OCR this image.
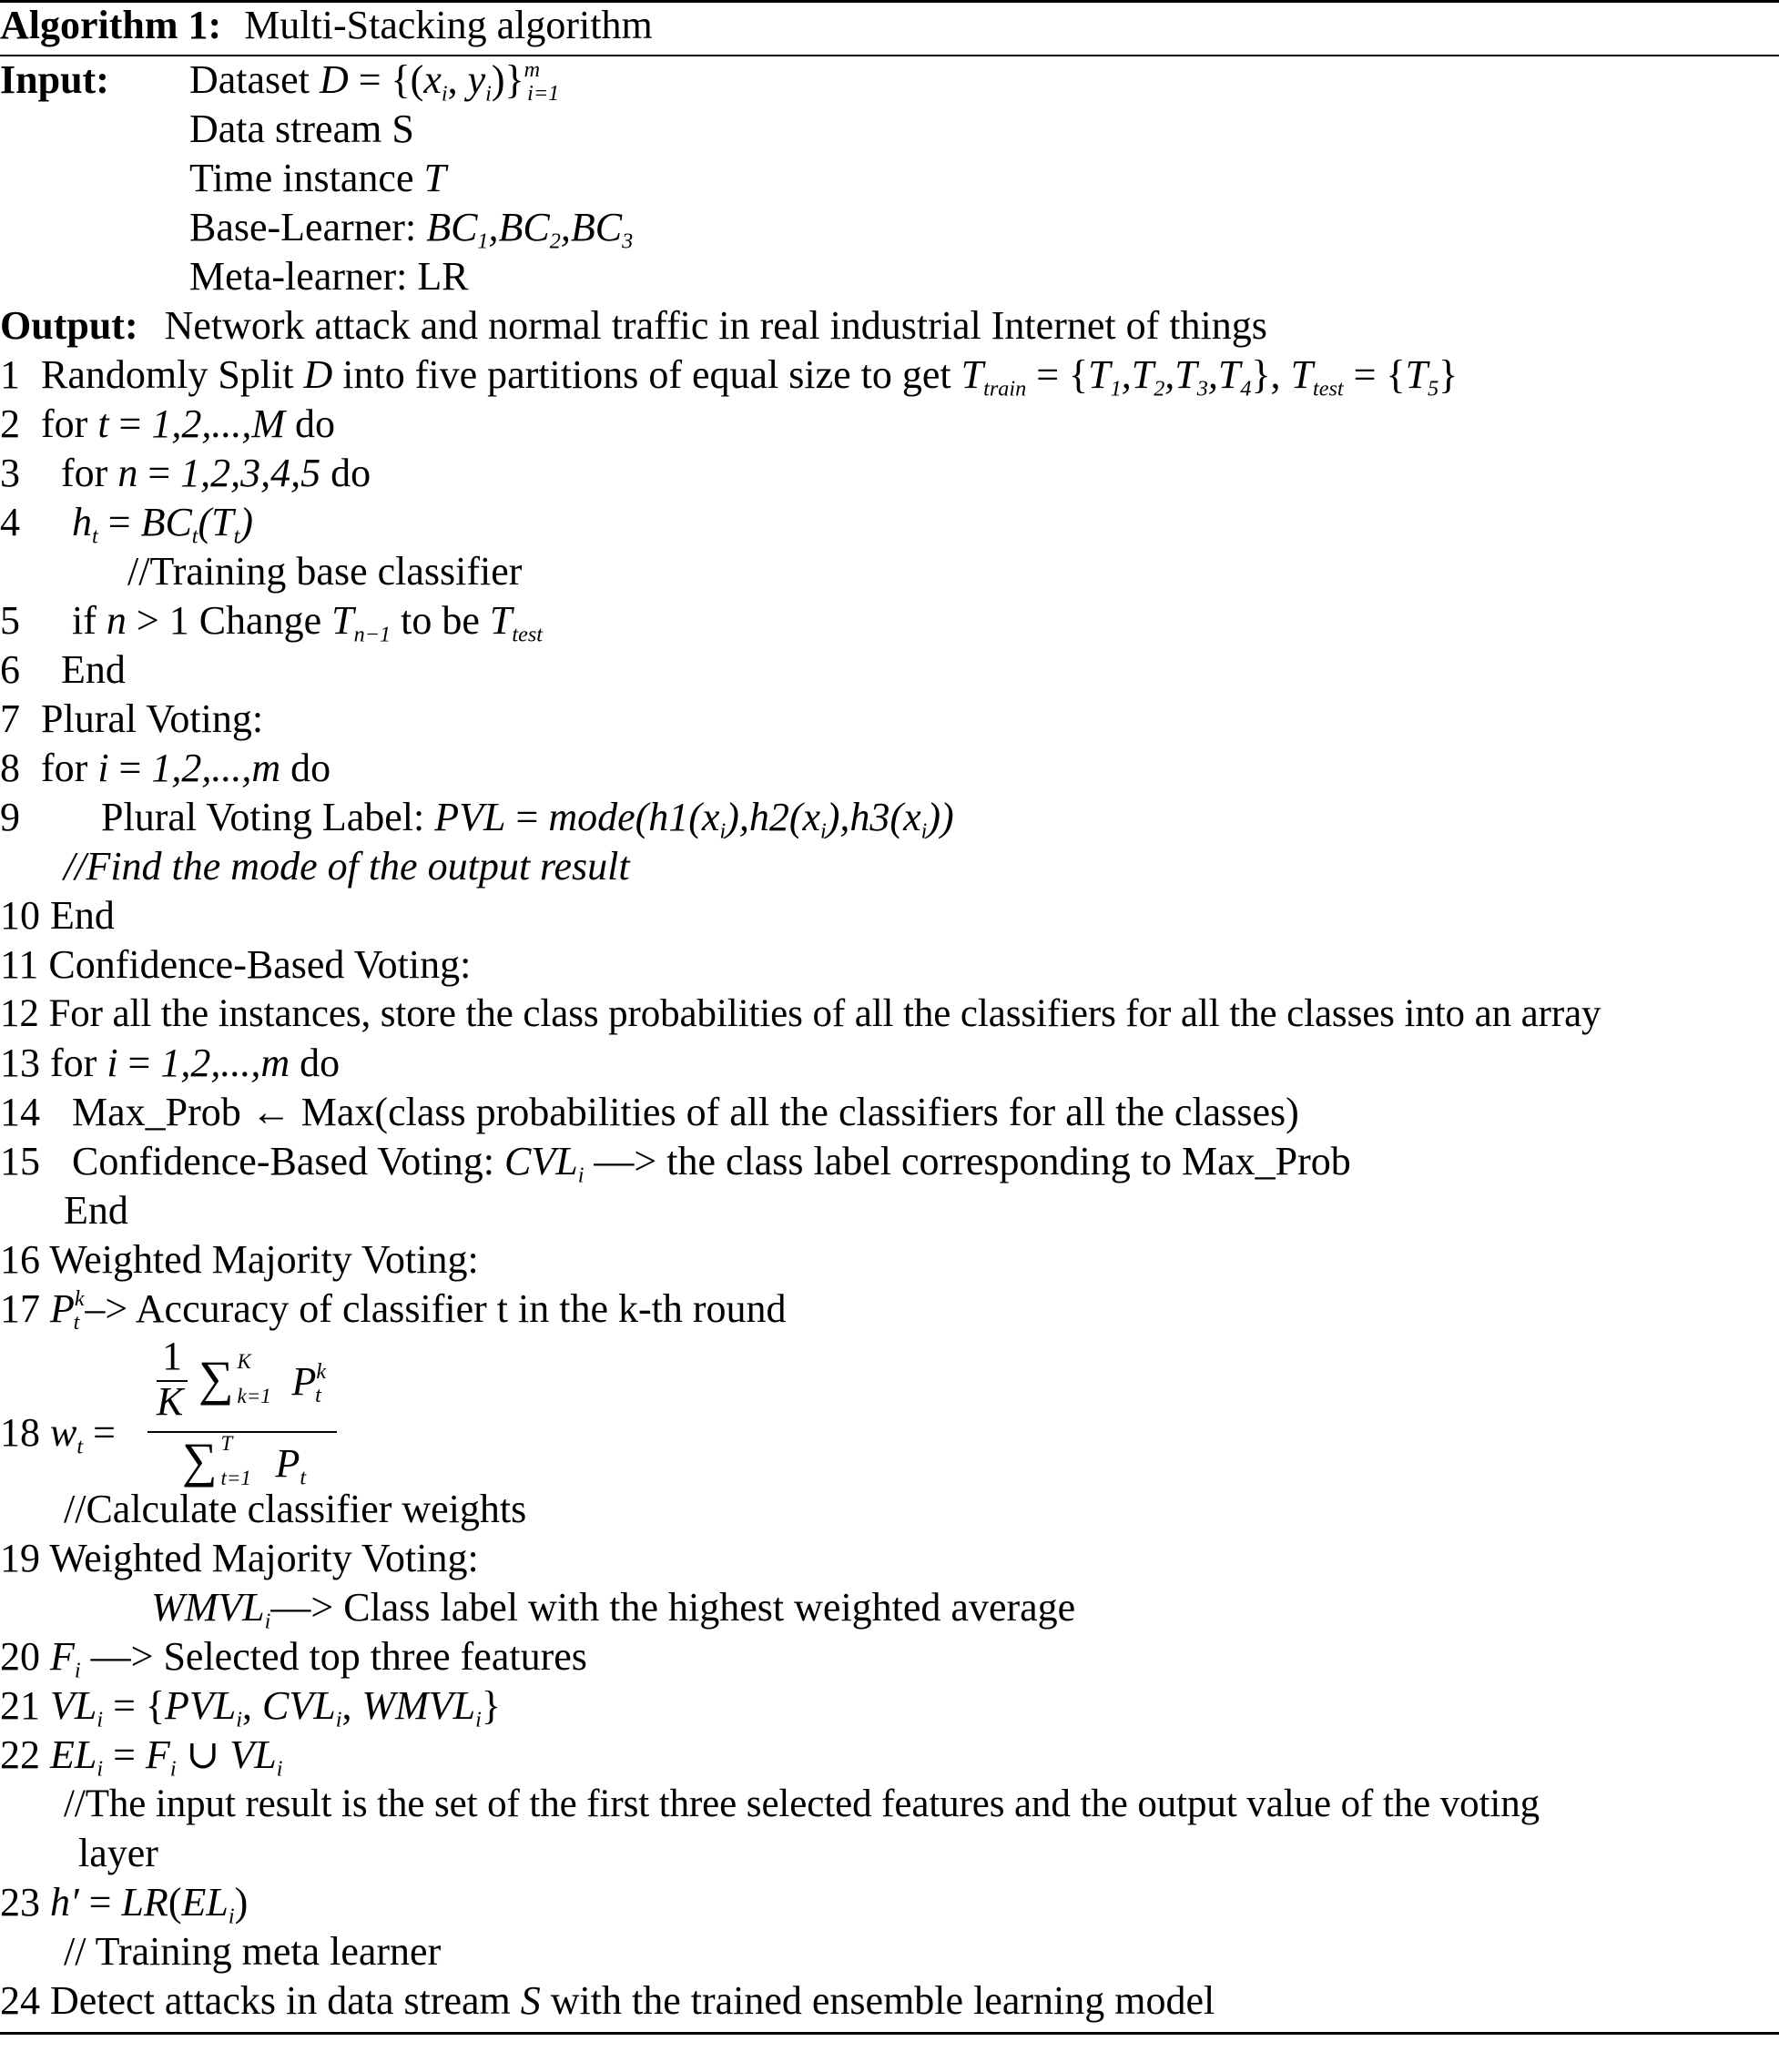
Algorithm 1: Multi-Stacking algorithm
Input: Dataset $D = \{(x_i$, $y_i)\}^m_{i=1}$
Data stream S
Time instance T
Base-Learner: $BC_1,BC_2,BC_3$
Meta-learner: LR
Output: Network attack and normal traffic in real industrial Internet of things
1 Randomly Split D into five partitions of equal size to get $T_{train} = \{T_1,T_2,T_3,T_4\}$, $T_{test} = \{T_5\}$
2 for t = 1,2,...,M do
3 for n = 1,2,3,4,5 do
4 $h_t = BC_t(T_t)$
//Training base classifier
5 if n > 1 Change $T_{n-1}$ to be $T_{test}$
6 End
7 Plural Voting:
8 for i = 1,2,...,m do
9 Plural Voting Label: PVL = $mode(h1(x_i),h2(x_i),h3(x_i))$
//Find the mode of the output result
10 End
11 Confidence-Based Voting:
12 For all the instances, store the class probabilities of all the classifiers for all the classes into an array
13 for i = 1,2,...,m do
14 Max_Prob ← Max(class probabilities of all the classifiers for all the classes)
15 Confidence-Based Voting: $CVL_i$ —> the class label corresponding to Max_Prob
End
16 Weighted Majority Voting:
17 $P^k_t$ –> Accuracy of classifier t in the k-th round
18 $w_t$ =
1
K ∑ K
k=1 $P^k_t$
∑ T
t=1 $P_t$
//Calculate classifier weights
19 Weighted Majority Voting:
$WMVL_i—>$ Class label with the highest weighted average
20 $F_i$ —> Selected top three features
21 $VL_i = \{PVL_i$, $CVL_i$, $WMVL_i$}
22 $EL_i = F_i$ ∪ $VL_i$
//The input result is the set of the first three selected features and the output value of the voting
layer
23 $h' = LR(EL_i)$
// Training meta learner
24 Detect attacks in data stream S with the trained ensemble learning model
